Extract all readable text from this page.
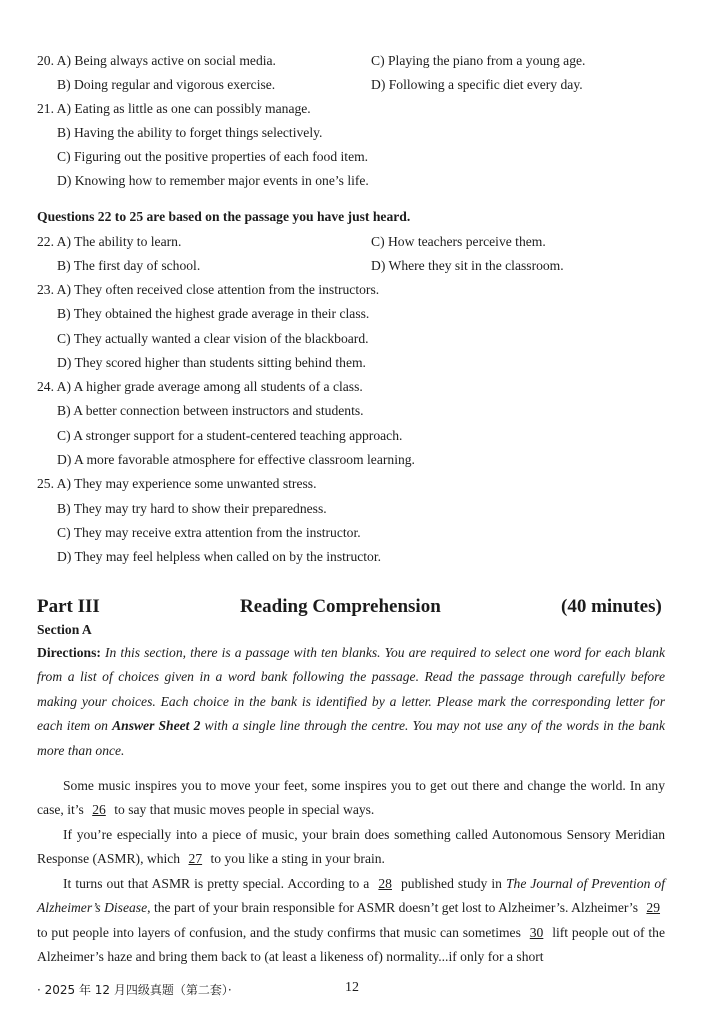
20. A) Being always active on social media.	C) Playing the piano from a young age.
B) Doing regular and vigorous exercise.	D) Following a specific diet every day.
21. A) Eating as little as one can possibly manage.
B) Having the ability to forget things selectively.
C) Figuring out the positive properties of each food item.
D) Knowing how to remember major events in one’s life.
Questions 22 to 25 are based on the passage you have just heard.
22. A) The ability to learn.	C) How teachers perceive them.
B) The first day of school.	D) Where they sit in the classroom.
23. A) They often received close attention from the instructors.
B) They obtained the highest grade average in their class.
C) They actually wanted a clear vision of the blackboard.
D) They scored higher than students sitting behind them.
24. A) A higher grade average among all students of a class.
B) A better connection between instructors and students.
C) A stronger support for a student-centered teaching approach.
D) A more favorable atmosphere for effective classroom learning.
25. A) They may experience some unwanted stress.
B) They may try hard to show their preparedness.
C) They may receive extra attention from the instructor.
D) They may feel helpless when called on by the instructor.
Part III	Reading Comprehension	(40 minutes)
Section A

Directions: In this section, there is a passage with ten blanks. You are required to select one word for each blank from a list of choices given in a word bank following the passage. Read the passage through carefully before making your choices. Each choice in the bank is identified by a letter. Please mark the corresponding letter for each item on Answer Sheet 2 with a single line through the centre. You may not use any of the words in the bank more than once.

Some music inspires you to move your feet, some inspires you to get out there and change the world. In any case, it’s 26 to say that music moves people in special ways.

If you’re especially into a piece of music, your brain does something called Autonomous Sensory Meridian Response (ASMR), which 27 to you like a sting in your brain.

It turns out that ASMR is pretty special. According to a 28 published study in The Journal of Prevention of Alzheimer’s Disease, the part of your brain responsible for ASMR doesn’t get lost to Alzheimer’s. Alzheimer’s 29 to put people into layers of confusion, and the study confirms that music can sometimes 30 lift people out of the Alzheimer’s haze and bring them back to (at least a likeness of) normality...if only for a short

· 2025 年 12 月四级真题（第二套）·	12
